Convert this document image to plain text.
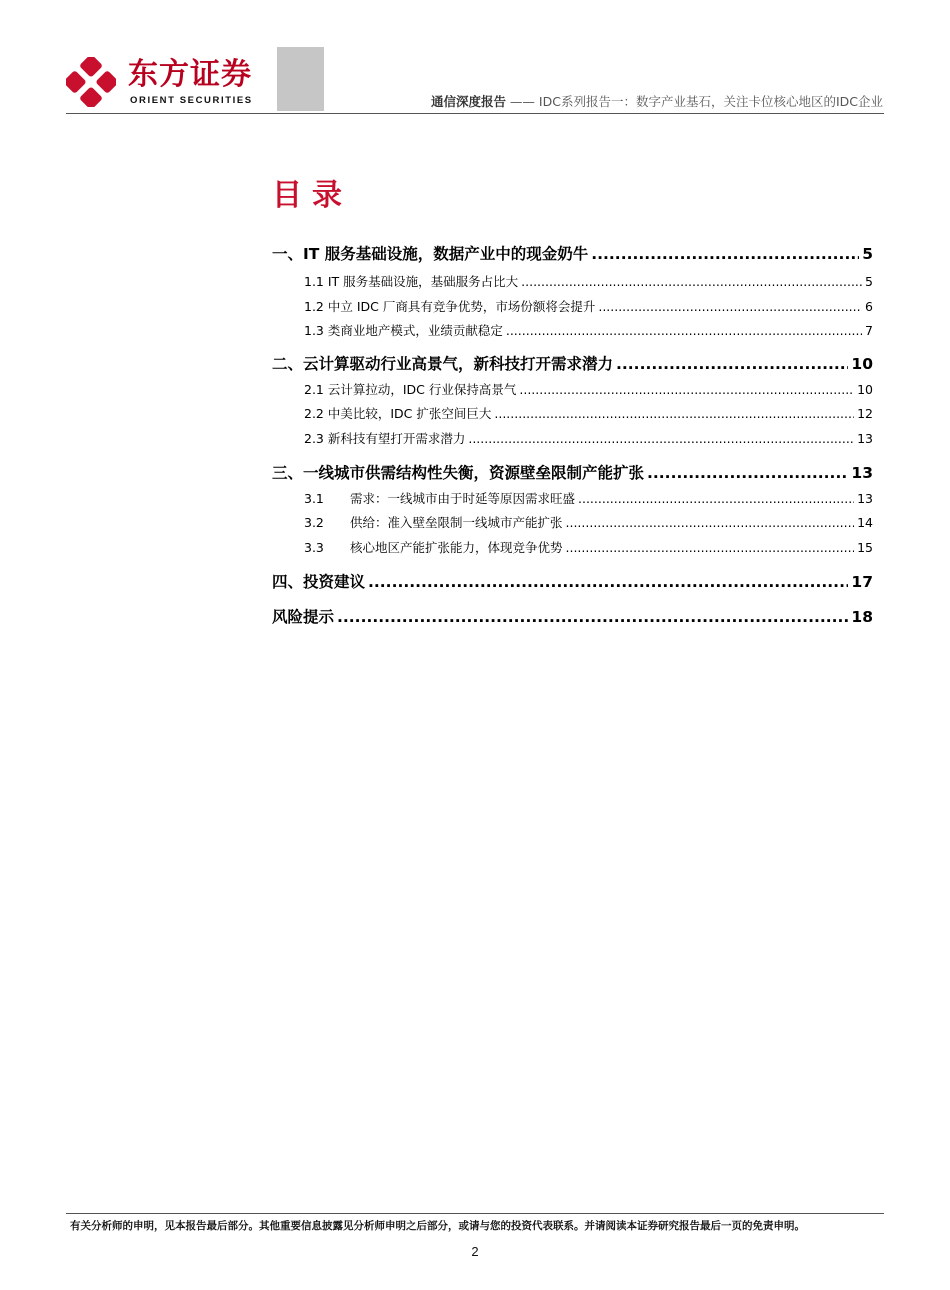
东方证券
ORIENT SECURITIES	通信深度报告 —— IDC系列报告一：数字产业基石，关注卡位核心地区的IDC企业
目录
一、IT 服务基础设施，数据产业中的现金奶牛 .....	5
1.1 IT 服务基础设施，基础服务占比大 .....	5
1.2 中立 IDC 厂商具有竞争优势，市场份额将会提升 .....	6
1.3 类商业地产模式，业绩贡献稳定 .....	7
二、云计算驱动行业高景气，新科技打开需求潜力 .....	10
2.1 云计算拉动，IDC 行业保持高景气 .....	10
2.2 中美比较，IDC 扩张空间巨大 .....	12
2.3 新科技有望打开需求潜力 .....	13
三、一线城市供需结构性失衡，资源壁垒限制产能扩张 .....	13
3.1	需求：一线城市由于时延等原因需求旺盛 .....	13
3.2	供给：准入壁垒限制一线城市产能扩张 .....	14
3.3	核心地区产能扩张能力，体现竞争优势 .....	15
四、投资建议 .....	17
风险提示 .....	18
有关分析师的申明，见本报告最后部分。其他重要信息披露见分析师申明之后部分，或请与您的投资代表联系。并请阅读本证券研究报告最后一页的免责申明。
2
